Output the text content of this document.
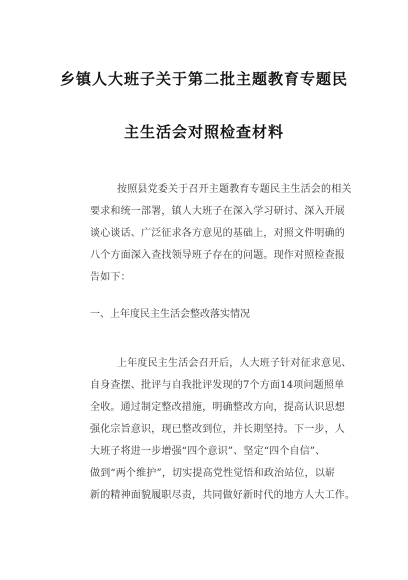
乡镇人大班子关于第二批主题教育专题民
主生活会对照检查材料
按照县党委关于召开主题教育专题民主生活会的相关
要求和统一部署，镇人大班子在深入学习研讨、深入开展
谈心谈话、广泛征求各方意见的基础上，对照文件明确的
八个方面深入查找领导班子存在的问题。现作对照检查报
告如下：
一、上年度民主生活会整改落实情况
上年度民主生活会召开后，人大班子针对征求意见、
自身查摆、批评与自我批评发现的7个方面14项问题照单
全收。通过制定整改措施，明确整改方向，提高认识思想
强化宗旨意识，现已整改到位，并长期坚持。下一步，人
大班子将进一步增强“四个意识”、坚定“四个自信”、
做到“两个维护”，切实提高党性觉悟和政治站位，以崭
新的精神面貌履职尽责，共同做好新时代的地方人大工作。
